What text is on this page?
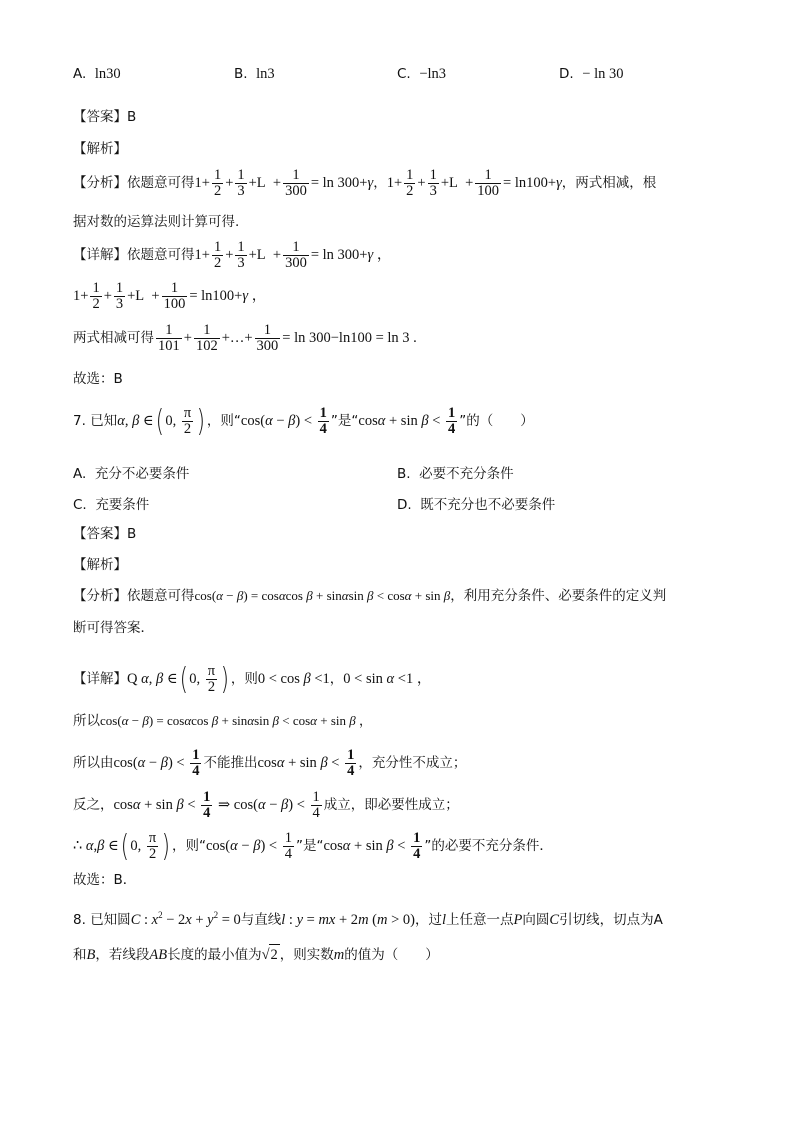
A. ln30	B. ln3	C. −ln3	D. − ln 30
【答案】B
【解析】
【分析】依题意可得$1+ \frac{1}{2} + \frac{1}{3} +L + \frac{1}{300} = \ln 300+\gamma$，$1+ \frac{1}{2} + \frac{1}{3} +L + \frac{1}{100} = \ln 100+\gamma$，两式相减，根
据对数的运算法则计算可得.
【详解】依题意可得$1+ \frac{1}{2} + \frac{1}{3} +L + \frac{1}{300} = \ln 300+\gamma$ ，
$1+ \frac{1}{2} + \frac{1}{3} +L + \frac{1}{100} = \ln 100+\gamma$ ，
两式相减可得 $\frac{1}{101} + \frac{1}{102}$ +…+ $\frac{1}{300} = \ln 300-\ln 100 = \ln 3$ .
故选：B
7. 已知α, β ∈( 0, $\frac{\pi}{2}$ ) ，则“$\cos(\alpha - \beta) < \frac{1}{4}$ ”是“$\cos\alpha + \sin \beta < \frac{1}{4}$ ”的（　　）
A. 充分不必要条件	B. 必要不充分条件
C. 充要条件	D. 既不充分也不必要条件
【答案】B
【解析】
【分析】依题意可得cos(α − β) = cosαcos β + sinαsin β < cosα + sin β，利用充分条件、必要条件的定义判
断可得答案．
【详解】Q α, β ∈( 0, $\frac{\pi}{2}$ ) ，则0 < cos β <1，0 < sin α <1 ，
所以cos(α − β) = cosαcos β + sinαsin β < cosα + sin β ，
所以由$\cos(\alpha - \beta) < \frac{1}{4}$ 不能推出$\cos\alpha + \sin \beta < \frac{1}{4}$ ，充分性不成立；
反之，$\cos\alpha + \sin \beta < \frac{1}{4}$ ⇒ $\cos(\alpha - \beta) < \frac{1}{4}$ 成立，即必要性成立；
∴ α,β ∈( 0, $\frac{\pi}{2}$ ) ，则“$\cos(\alpha - \beta) < \frac{1}{4}$ ”是“$\cos\alpha + \sin \beta < \frac{1}{4}$ ”的必要不充分条件．
故选：B．
8. 已知圆C : $x^2 - 2x + y^2 = 0$与直线l : y = mx + 2m (m > 0)，过l上任意一点P向圆C引切线，切点为A
和B，若线段AB长度的最小值为√2 ，则实数m的值为（　　）
